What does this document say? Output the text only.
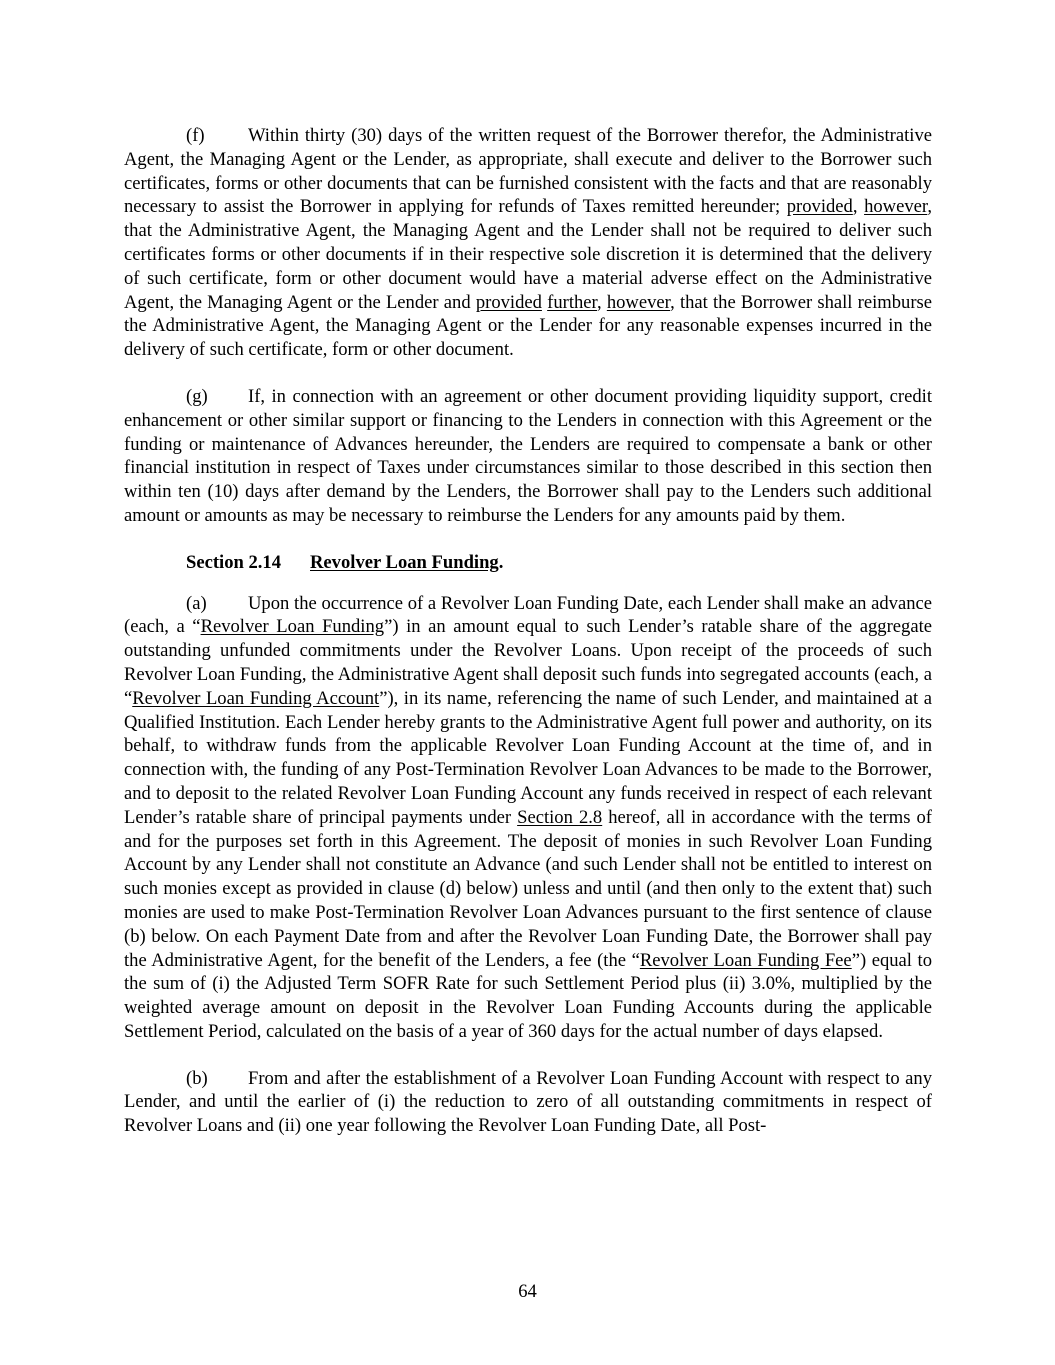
(f) Within thirty (30) days of the written request of the Borrower therefor, the Administrative Agent, the Managing Agent or the Lender, as appropriate, shall execute and deliver to the Borrower such certificates, forms or other documents that can be furnished consistent with the facts and that are reasonably necessary to assist the Borrower in applying for refunds of Taxes remitted hereunder; provided, however, that the Administrative Agent, the Managing Agent and the Lender shall not be required to deliver such certificates forms or other documents if in their respective sole discretion it is determined that the delivery of such certificate, form or other document would have a material adverse effect on the Administrative Agent, the Managing Agent or the Lender and provided further, however, that the Borrower shall reimburse the Administrative Agent, the Managing Agent or the Lender for any reasonable expenses incurred in the delivery of such certificate, form or other document.

(g) If, in connection with an agreement or other document providing liquidity support, credit enhancement or other similar support or financing to the Lenders in connection with this Agreement or the funding or maintenance of Advances hereunder, the Lenders are required to compensate a bank or other financial institution in respect of Taxes under circumstances similar to those described in this section then within ten (10) days after demand by the Lenders, the Borrower shall pay to the Lenders such additional amount or amounts as may be necessary to reimburse the Lenders for any amounts paid by them.

Section 2.14 Revolver Loan Funding.

(a) Upon the occurrence of a Revolver Loan Funding Date, each Lender shall make an advance (each, a “Revolver Loan Funding”) in an amount equal to such Lender’s ratable share of the aggregate outstanding unfunded commitments under the Revolver Loans. Upon receipt of the proceeds of such Revolver Loan Funding, the Administrative Agent shall deposit such funds into segregated accounts (each, a “Revolver Loan Funding Account”), in its name, referencing the name of such Lender, and maintained at a Qualified Institution. Each Lender hereby grants to the Administrative Agent full power and authority, on its behalf, to withdraw funds from the applicable Revolver Loan Funding Account at the time of, and in connection with, the funding of any Post-Termination Revolver Loan Advances to be made to the Borrower, and to deposit to the related Revolver Loan Funding Account any funds received in respect of each relevant Lender’s ratable share of principal payments under Section 2.8 hereof, all in accordance with the terms of and for the purposes set forth in this Agreement. The deposit of monies in such Revolver Loan Funding Account by any Lender shall not constitute an Advance (and such Lender shall not be entitled to interest on such monies except as provided in clause (d) below) unless and until (and then only to the extent that) such monies are used to make Post-Termination Revolver Loan Advances pursuant to the first sentence of clause (b) below. On each Payment Date from and after the Revolver Loan Funding Date, the Borrower shall pay the Administrative Agent, for the benefit of the Lenders, a fee (the “Revolver Loan Funding Fee”) equal to the sum of (i) the Adjusted Term SOFR Rate for such Settlement Period plus (ii) 3.0%, multiplied by the weighted average amount on deposit in the Revolver Loan Funding Accounts during the applicable Settlement Period, calculated on the basis of a year of 360 days for the actual number of days elapsed.

(b) From and after the establishment of a Revolver Loan Funding Account with respect to any Lender, and until the earlier of (i) the reduction to zero of all outstanding commitments in respect of Revolver Loans and (ii) one year following the Revolver Loan Funding Date, all Post-

64
